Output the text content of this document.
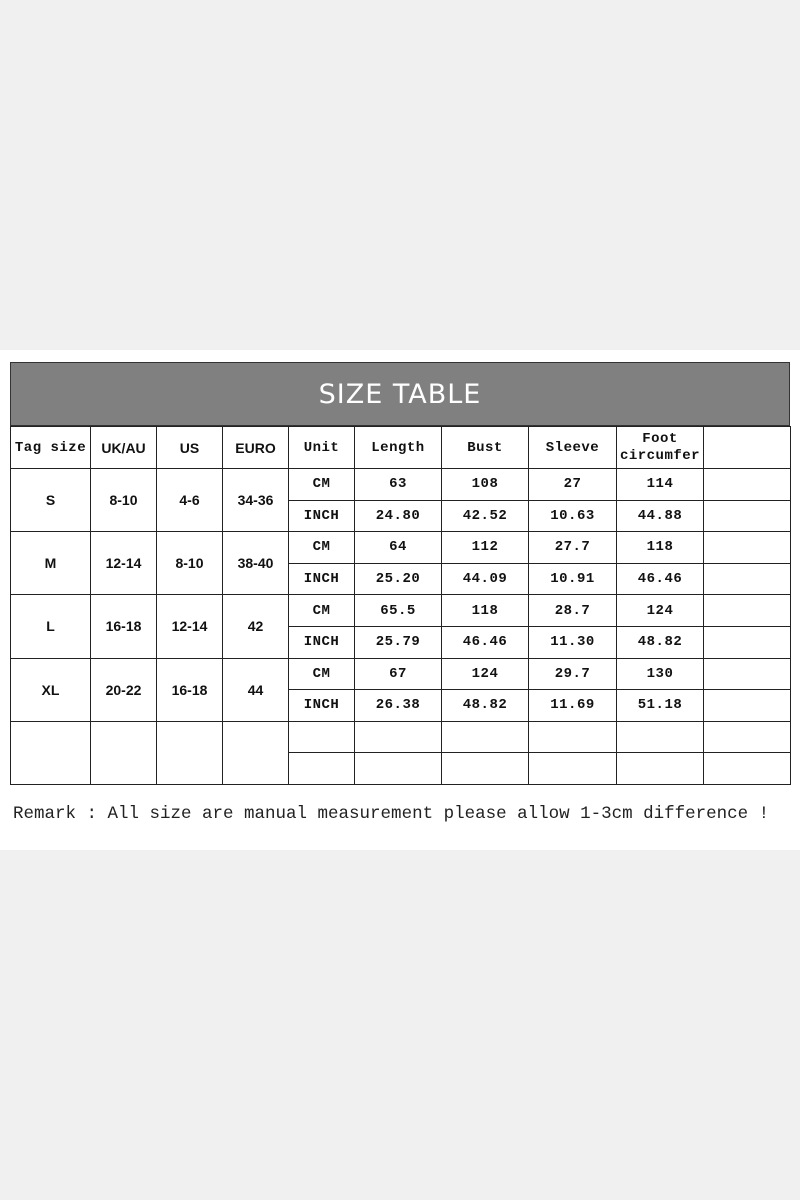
SIZE TABLE
Tag size	UK/AU	US	EURO	Unit	Length	Bust	Sleeve	Foot
circumfer	
S	8-10	4-6	34-36	CM	63	108	27	114	
				INCH	24.80	42.52	10.63	44.88	
M	12-14	8-10	38-40	CM	64	112	27.7	118	
				INCH	25.20	44.09	10.91	46.46	
L	16-18	12-14	42	CM	65.5	118	28.7	124	
				INCH	25.79	46.46	11.30	48.82	
XL	20-22	16-18	44	CM	67	124	29.7	130	
				INCH	26.38	48.82	11.69	51.18	

Remark : All size are manual measurement please allow 1-3cm difference !
